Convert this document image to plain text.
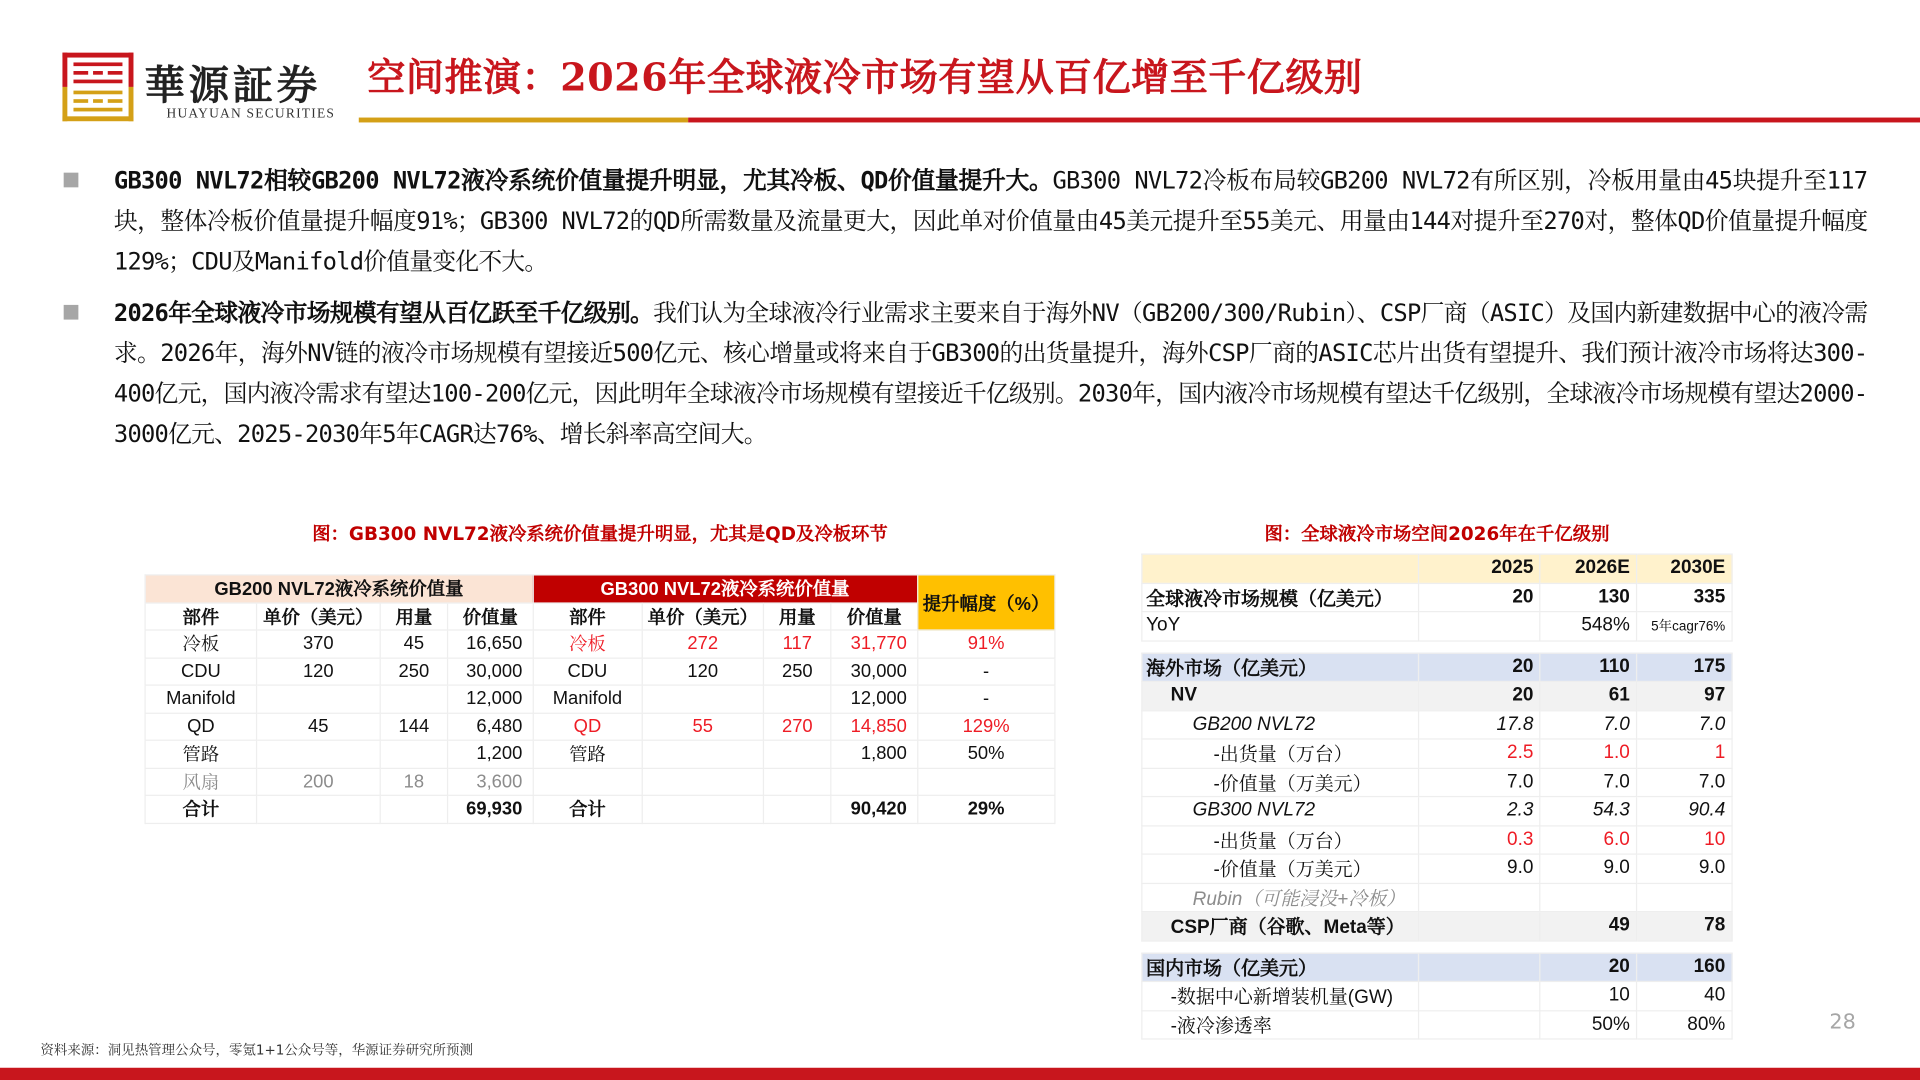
華源証券
HUAYUAN SECURITIES
空间推演：2026年全球液冷市场有望从百亿增至千亿级别
GB300 NVL72相较GB200 NVL72液冷系统价值量提升明显，尤其冷板、QD价值量提升大。GB300 NVL72冷板布局较GB200 NVL72有所区别，冷板用量由45块提升至117块，整体冷板价值量提升幅度91%；GB300 NVL72的QD所需数量及流量更大，因此单对价值量由45美元提升至55美元、用量由144对提升至270对，整体QD价值量提升幅度129%；CDU及Manifold价值量变化不大。
2026年全球液冷市场规模有望从百亿跃至千亿级别。我们认为全球液冷行业需求主要来自于海外NV（GB200/300/Rubin）、CSP厂商（ASIC）及国内新建数据中心的液冷需求。2026年，海外NV链的液冷市场规模有望接近500亿元、核心增量或将来自于GB300的出货量提升，海外CSP厂商的ASIC芯片出货有望提升、我们预计液冷市场将达300-400亿元，国内液冷需求有望达100-200亿元，因此明年全球液冷市场规模有望接近千亿级别。2030年，国内液冷市场规模有望达千亿级别，全球液冷市场规模有望达2000-3000亿元、2025-2030年5年CAGR达76%、增长斜率高空间大。
图：GB300 NVL72液冷系统价值量提升明显，尤其是QD及冷板环节
GB200 NVL72液冷系统价值量				GB300 NVL72液冷系统价值量				提升幅度（%）
部件	单价（美元）	用量	价值量	部件	单价（美元）	用量	价值量	
冷板	370	45	16,650	冷板	272	117	31,770	91%
CDU	120	250	30,000	CDU	120	250	30,000	-
Manifold			12,000	Manifold			12,000	-
QD	45	144	6,480	QD	55	270	14,850	129%
管路			1,200	管路			1,800	50%
风扇	200	18	3,600					
合计			69,930	合计			90,420	29%
图：全球液冷市场空间2026年在千亿级别
	2025	2026E	2030E
全球液冷市场规模（亿美元）	20	130	335
YoY		548%	5年cagr76%

海外市场（亿美元）	20	110	175
NV	20	61	97
GB200 NVL72	17.8	7.0	7.0
-出货量（万台）	2.5	1.0	1
-价值量（万美元）	7.0	7.0	7.0
GB300 NVL72	2.3	54.3	90.4
-出货量（万台）	0.3	6.0	10
-价值量（万美元）	9.0	9.0	9.0
Rubin（可能浸没+冷板）			
CSP厂商（谷歌、Meta等）		49	78

国内市场（亿美元）		20	160
-数据中心新增装机量(GW)		10	40
-液冷渗透率		50%	80%
资料来源：洞见热管理公众号，零氪1+1公众号等，华源证券研究所预测
28
